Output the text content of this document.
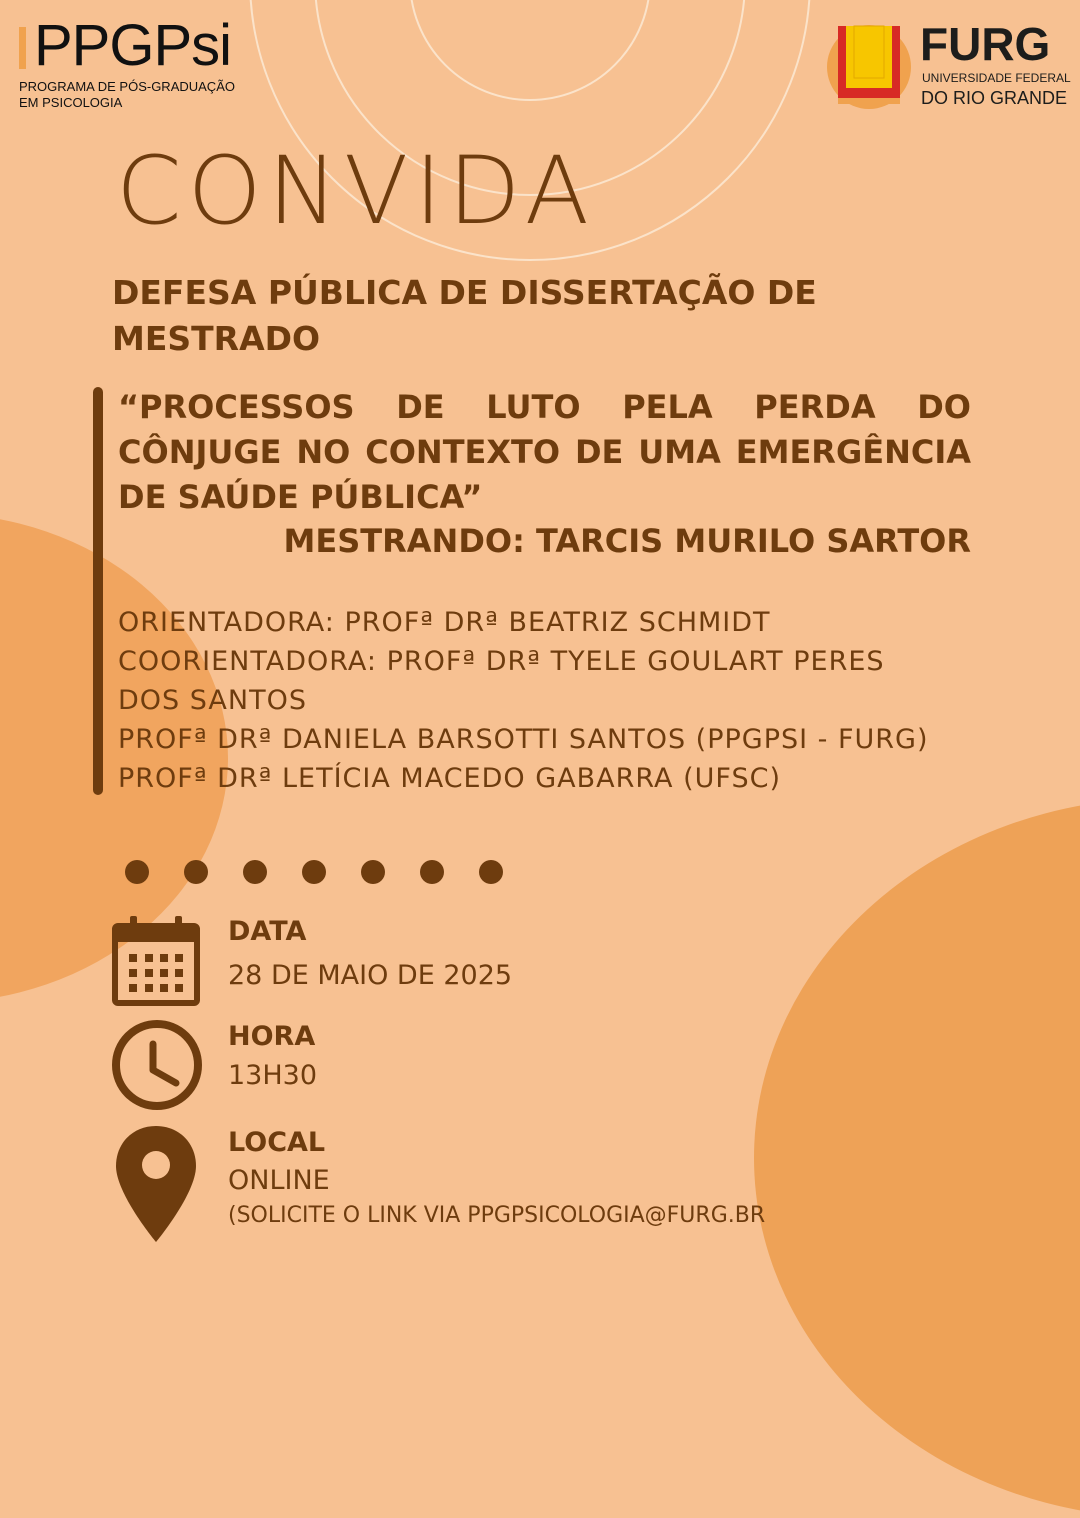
PPGPsi
PROGRAMA DE PÓS-GRADUAÇÃO
EM PSICOLOGIA
FURG
UNIVERSIDADE FEDERAL
DO RIO GRANDE
CONVIDA
DEFESA PÚBLICA DE DISSERTAÇÃO DE
MESTRADO
“PROCESSOS DE LUTO PELA PERDA DO CÔNJUGE NO CONTEXTO DE UMA EMERGÊNCIA DE SAÚDE PÚBLICA”
MESTRANDO: TARCIS MURILO SARTOR
ORIENTADORA: PROFª DRª BEATRIZ SCHMIDT
COORIENTADORA: PROFª DRª TYELE GOULART PERES
DOS SANTOS
PROFª DRª DANIELA BARSOTTI SANTOS (PPGPSI - FURG)
PROFª DRª LETÍCIA MACEDO GABARRA (UFSC)
DATA
28 DE MAIO DE 2025
HORA
13H30
LOCAL
ONLINE
(SOLICITE O LINK VIA PPGPSICOLOGIA@FURG.BR
